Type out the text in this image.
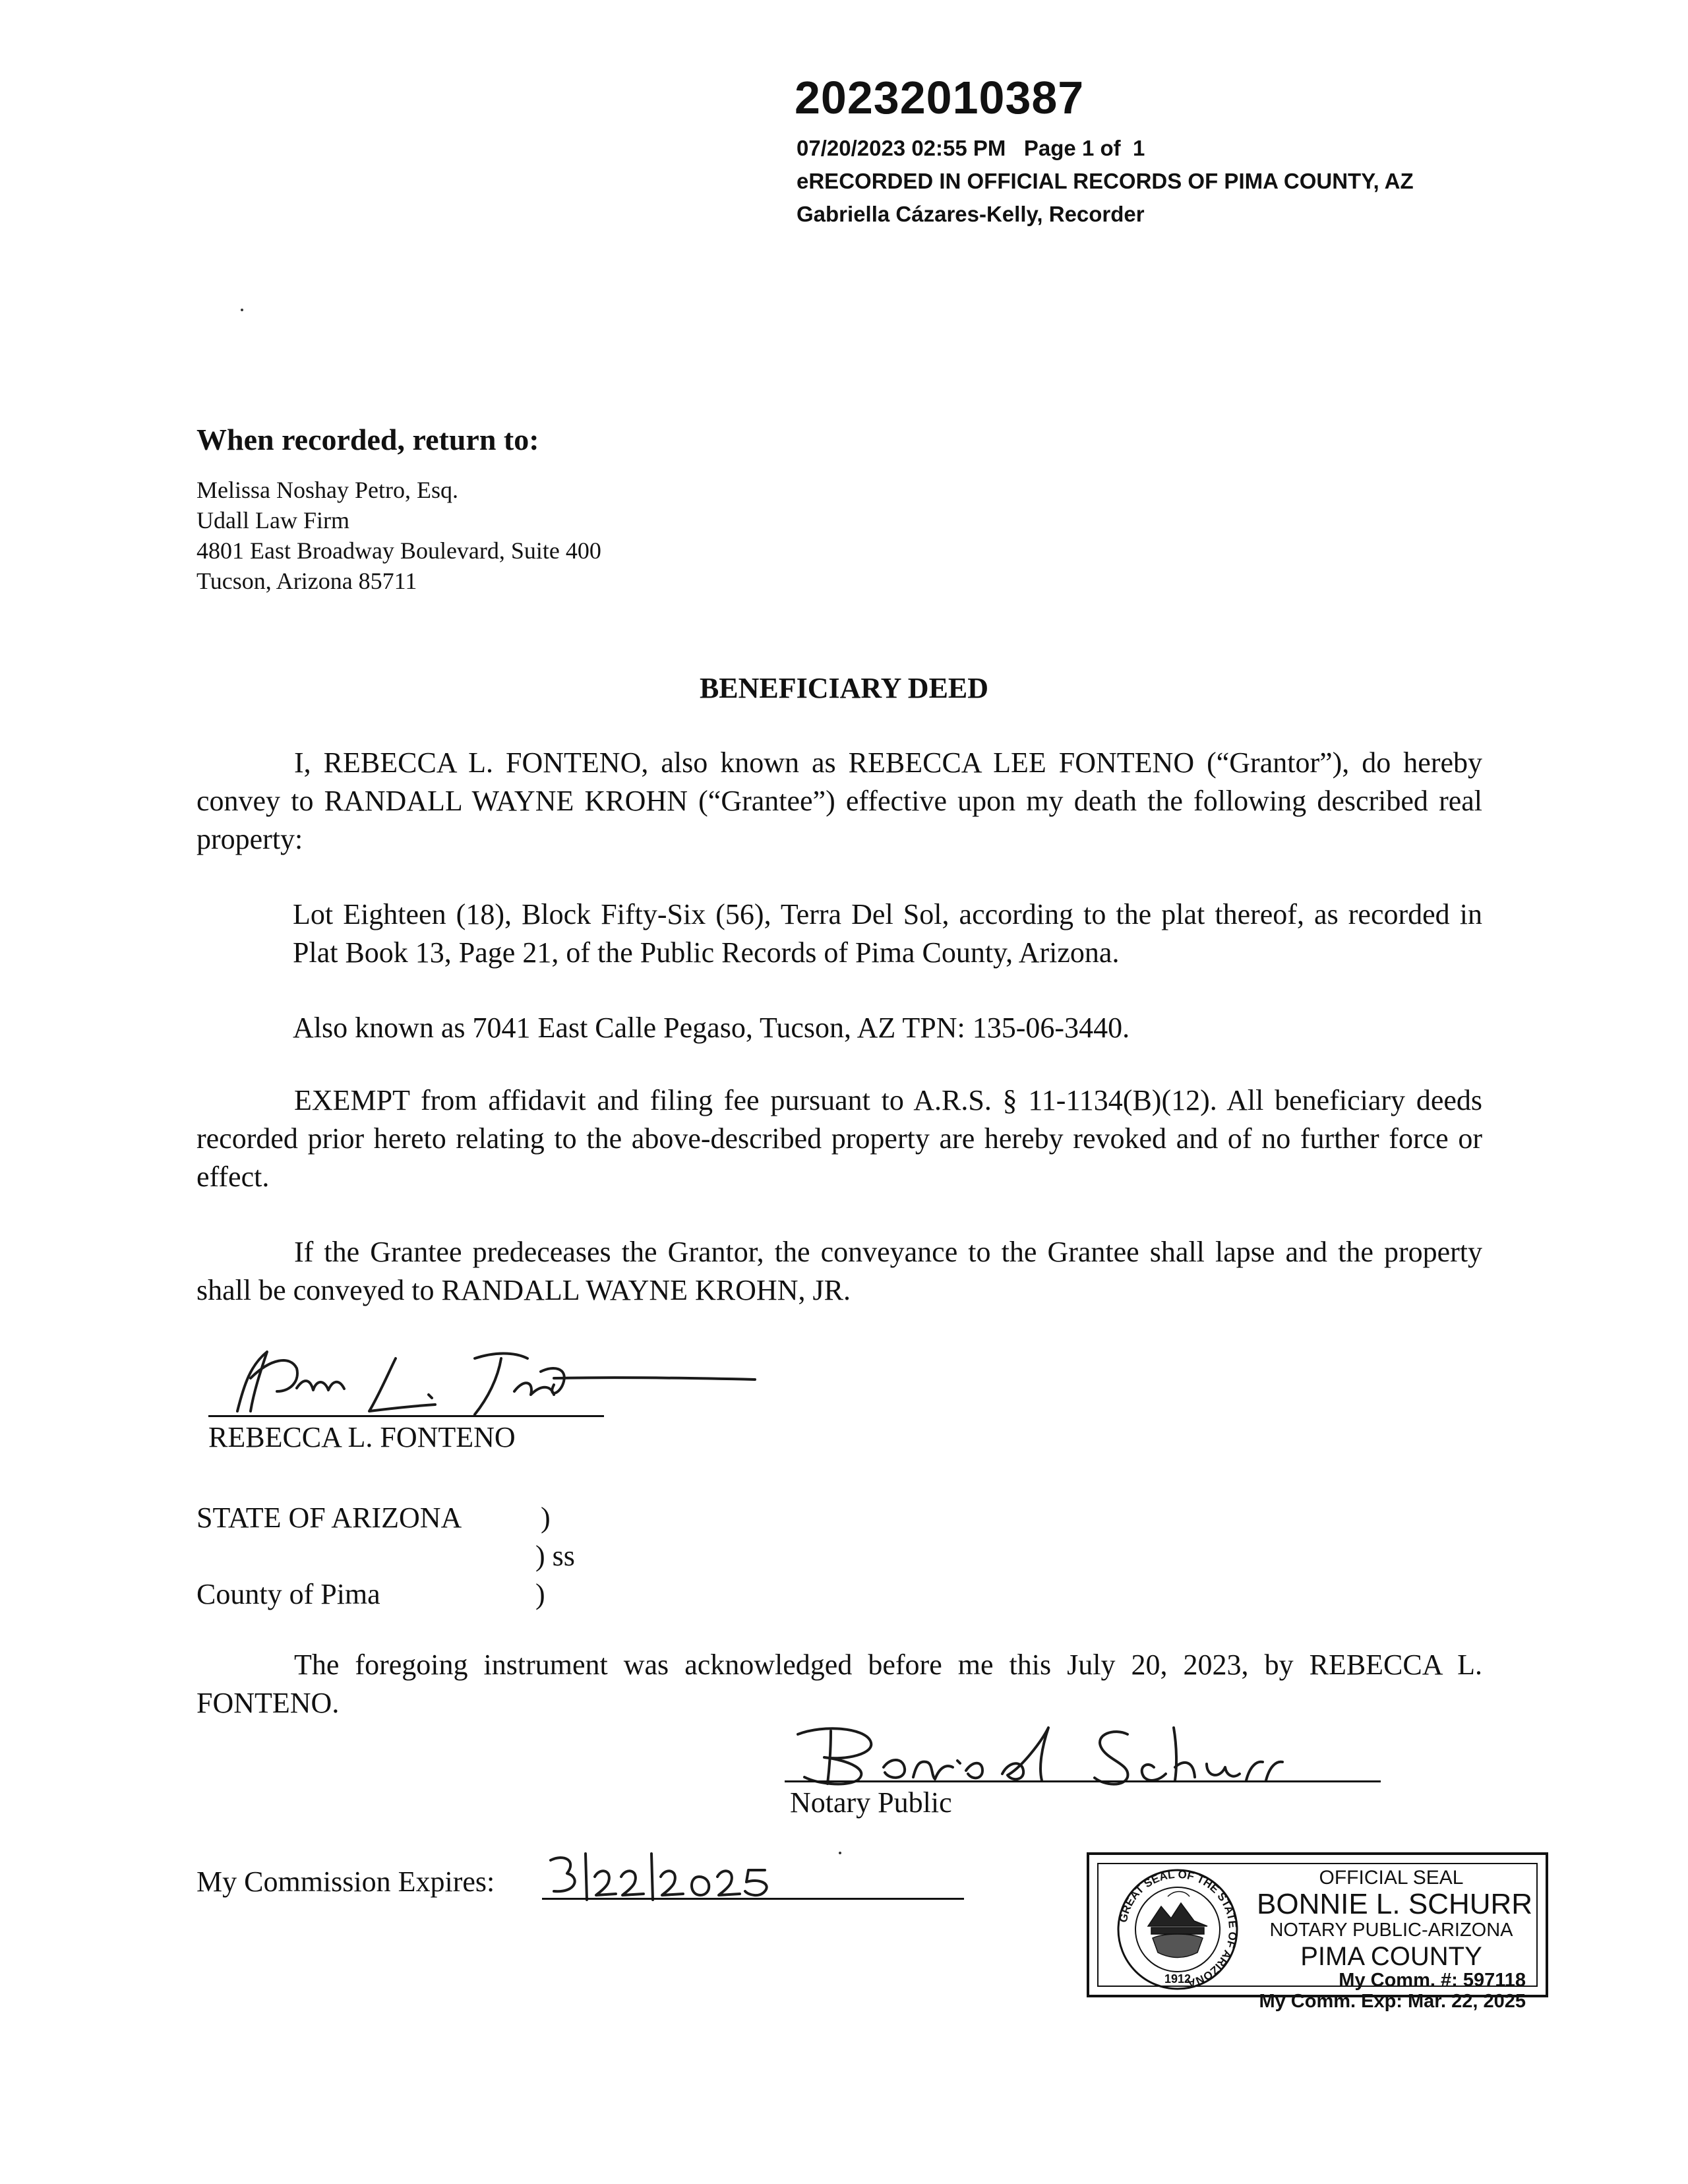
20232010387
07/20/2023 02:55 PM   Page 1 of  1
eRECORDED IN OFFICIAL RECORDS OF PIMA COUNTY, AZ
Gabriella Cázares-Kelly, Recorder
When recorded, return to:
Melissa Noshay Petro, Esq.
Udall Law Firm
4801 East Broadway Boulevard, Suite 400
Tucson, Arizona 85711
BENEFICIARY DEED
I, REBECCA L. FONTENO, also known as REBECCA LEE FONTENO (“Grantor”), do hereby convey to RANDALL WAYNE KROHN (“Grantee”) effective upon my death the following described real property:
Lot Eighteen (18), Block Fifty-Six (56), Terra Del Sol, according to the plat thereof, as recorded in Plat Book 13, Page 21, of the Public Records of Pima County, Arizona.
Also known as 7041 East Calle Pegaso, Tucson, AZ TPN: 135-06-3440.
EXEMPT from affidavit and filing fee pursuant to A.R.S. § 11-1134(B)(12). All beneficiary deeds recorded prior hereto relating to the above-described property are hereby revoked and of no further force or effect.
If the Grantee predeceases the Grantor, the conveyance to the Grantee shall lapse and the property shall be conveyed to RANDALL WAYNE KROHN, JR.
REBECCA L. FONTENO
STATE OF ARIZONA	)
) ss
County of Pima	)
The foregoing instrument was acknowledged before me this July 20, 2023, by REBECCA L. FONTENO.
Notary Public
My Commission Expires:
GREAT SEAL OF THE STATE OF ARIZONA
1912
OFFICIAL SEAL
BONNIE L. SCHURR
NOTARY PUBLIC-ARIZONA
PIMA COUNTY
My Comm. #: 597118
My Comm. Exp: Mar. 22, 2025
